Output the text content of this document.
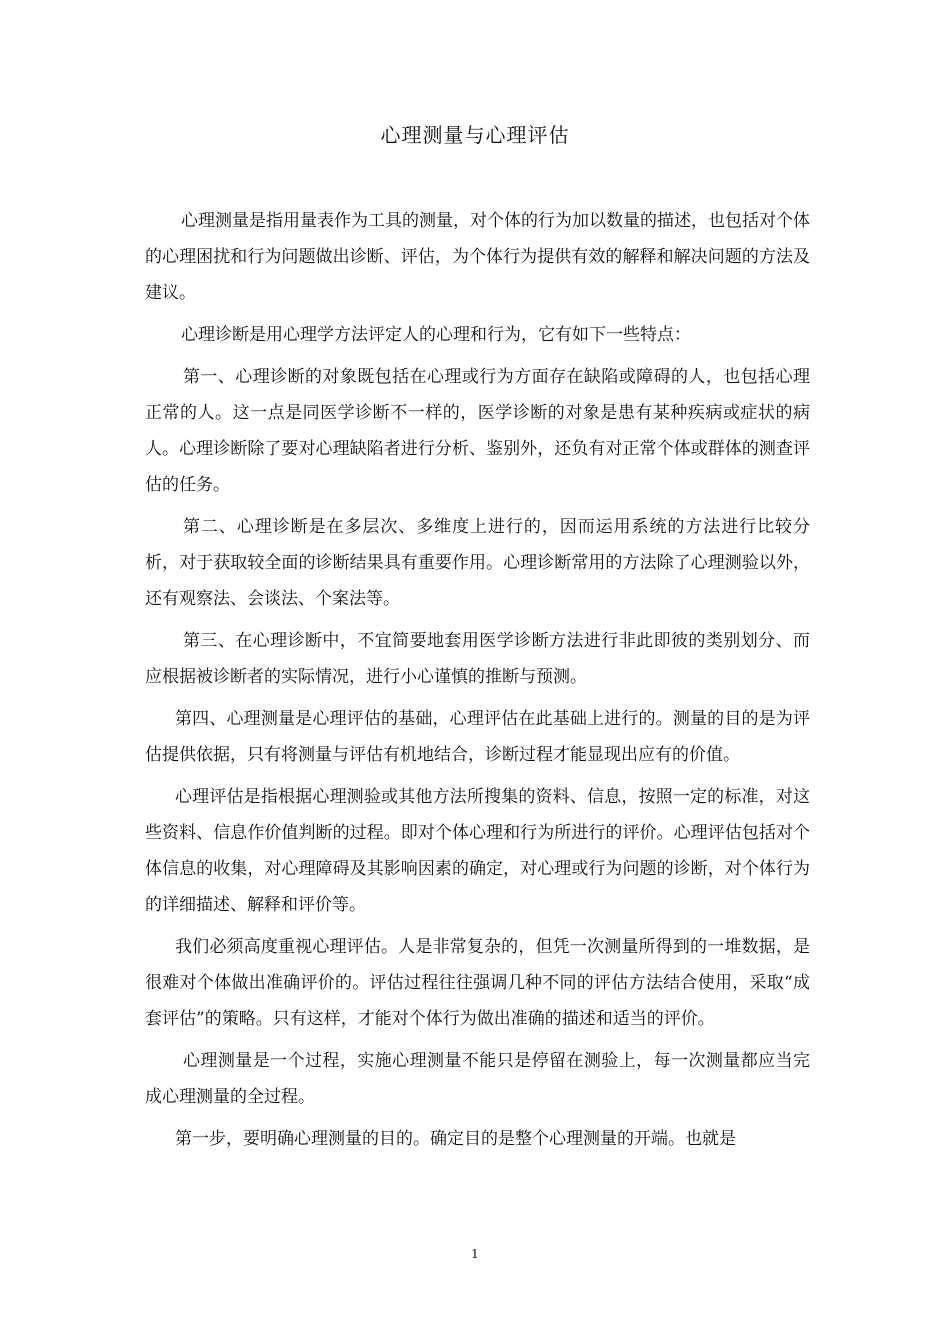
心理测量与心理评估

心理测量是指用量表作为工具的测量，对个体的行为加以数量的描述，也包括对个体的心理困扰和行为问题做出诊断、评估，为个体行为提供有效的解释和解决问题的方法及建议。

心理诊断是用心理学方法评定人的心理和行为，它有如下一些特点：

第一、心理诊断的对象既包括在心理或行为方面存在缺陷或障碍的人，也包括心理正常的人。这一点是同医学诊断不一样的，医学诊断的对象是患有某种疾病或症状的病人。心理诊断除了要对心理缺陷者进行分析、鉴别外，还负有对正常个体或群体的测查评估的任务。

第二、心理诊断是在多层次、多维度上进行的，因而运用系统的方法进行比较分析，对于获取较全面的诊断结果具有重要作用。心理诊断常用的方法除了心理测验以外，还有观察法、会谈法、个案法等。

第三、在心理诊断中，不宜简要地套用医学诊断方法进行非此即彼的类别划分、而应根据被诊断者的实际情况，进行小心谨慎的推断与预测。

第四、心理测量是心理评估的基础，心理评估在此基础上进行的。测量的目的是为评估提供依据，只有将测量与评估有机地结合，诊断过程才能显现出应有的价值。

心理评估是指根据心理测验或其他方法所搜集的资料、信息，按照一定的标准，对这些资料、信息作价值判断的过程。即对个体心理和行为所进行的评价。心理评估包括对个体信息的收集，对心理障碍及其影响因素的确定，对心理或行为问题的诊断，对个体行为的详细描述、解释和评价等。

我们必须高度重视心理评估。人是非常复杂的，但凭一次测量所得到的一堆数据，是很难对个体做出准确评价的。评估过程往往强调几种不同的评估方法结合使用，采取“成套评估”的策略。只有这样，才能对个体行为做出准确的描述和适当的评价。

心理测量是一个过程，实施心理测量不能只是停留在测验上，每一次测量都应当完成心理测量的全过程。

第一步，要明确心理测量的目的。确定目的是整个心理测量的开端。也就是

1
